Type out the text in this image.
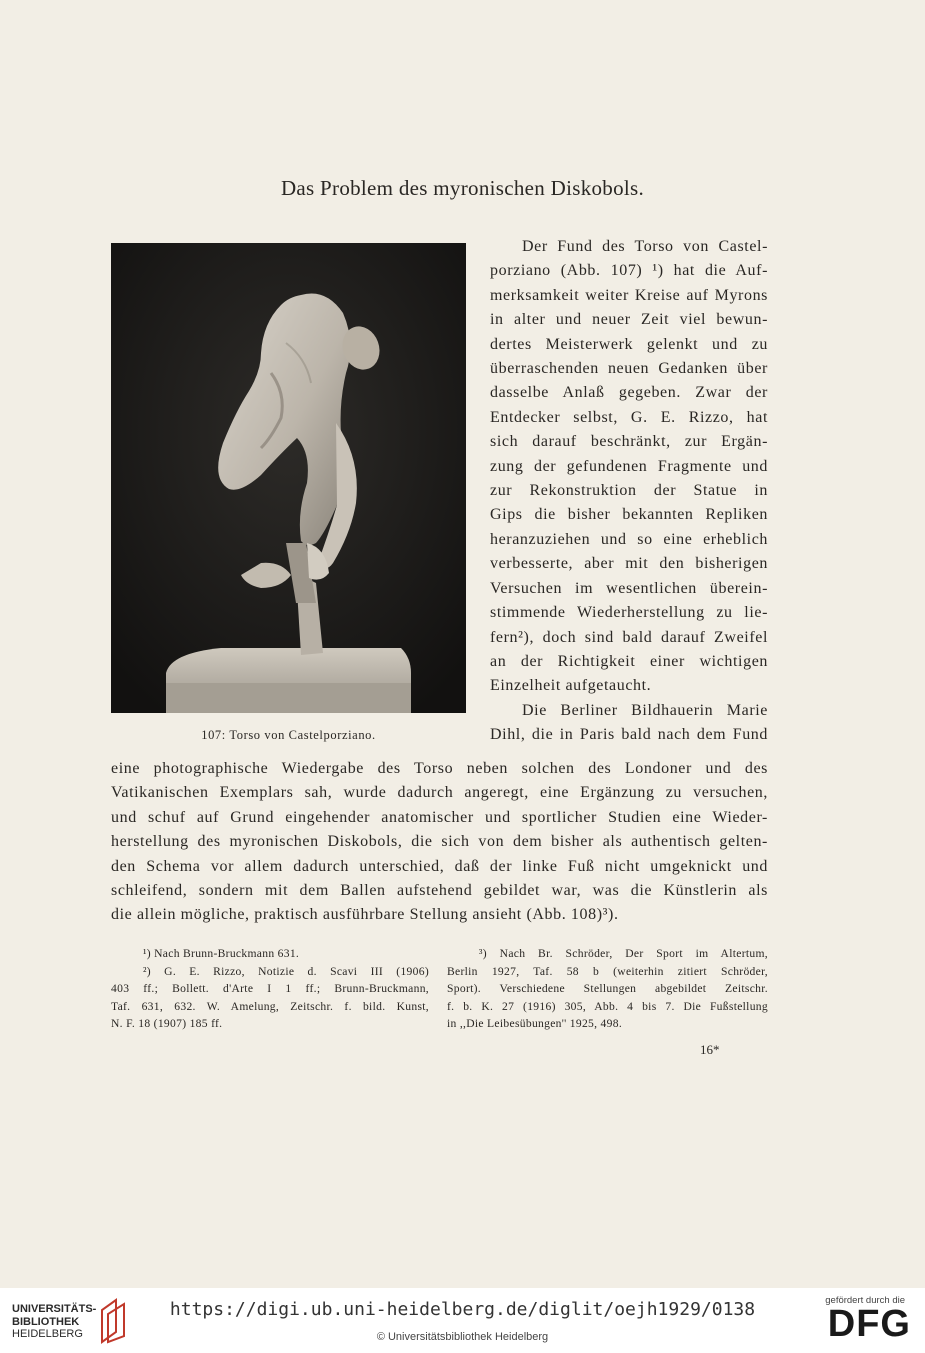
Das Problem des myronischen Diskobols.
107: Torso von Castelporziano.
Der Fund des Torso von Castel-
porziano (Abb. 107) ¹) hat die Auf-
merksamkeit weiter Kreise auf Myrons
in alter und neuer Zeit viel bewun-
dertes Meisterwerk gelenkt und zu
überraschenden neuen Gedanken über
dasselbe Anlaß gegeben. Zwar der
Entdecker selbst, G. E. Rizzo, hat
sich darauf beschränkt, zur Ergän-
zung der gefundenen Fragmente und
zur Rekonstruktion der Statue in
Gips die bisher bekannten Repliken
heranzuziehen und so eine erheblich
verbesserte, aber mit den bisherigen
Versuchen im wesentlichen überein-
stimmende Wiederherstellung zu lie-
fern²), doch sind bald darauf Zweifel
an der Richtigkeit einer wichtigen
Einzelheit aufgetaucht.
Die Berliner Bildhauerin Marie
Dihl, die in Paris bald nach dem Fund
eine photographische Wiedergabe des Torso neben solchen des Londoner und des
Vatikanischen Exemplars sah, wurde dadurch angeregt, eine Ergänzung zu versuchen,
und schuf auf Grund eingehender anatomischer und sportlicher Studien eine Wieder-
herstellung des myronischen Diskobols, die sich von dem bisher als authentisch gelten-
den Schema vor allem dadurch unterschied, daß der linke Fuß nicht umgeknickt und
schleifend, sondern mit dem Ballen aufstehend gebildet war, was die Künstlerin als
die allein mögliche, praktisch ausführbare Stellung ansieht (Abb. 108)³).
¹) Nach Brunn-Bruckmann 631.
²) G. E. Rizzo, Notizie d. Scavi III (1906)
403 ff.; Bollett. d'Arte I 1 ff.; Brunn-Bruckmann,
Taf. 631, 632. W. Amelung, Zeitschr. f. bild. Kunst,
N. F. 18 (1907) 185 ff.
³) Nach Br. Schröder, Der Sport im Altertum,
Berlin 1927, Taf. 58 b (weiterhin zitiert Schröder,
Sport). Verschiedene Stellungen abgebildet Zeitschr.
f. b. K. 27 (1916) 305, Abb. 4 bis 7. Die Fußstellung
in ,,Die Leibesübungen'' 1925, 498.
16*
UNIVERSITÄTS-
BIBLIOTHEK
HEIDELBERG
https://digi.ub.uni-heidelberg.de/diglit/oejh1929/0138
© Universitätsbibliothek Heidelberg
gefördert durch die
DFG
